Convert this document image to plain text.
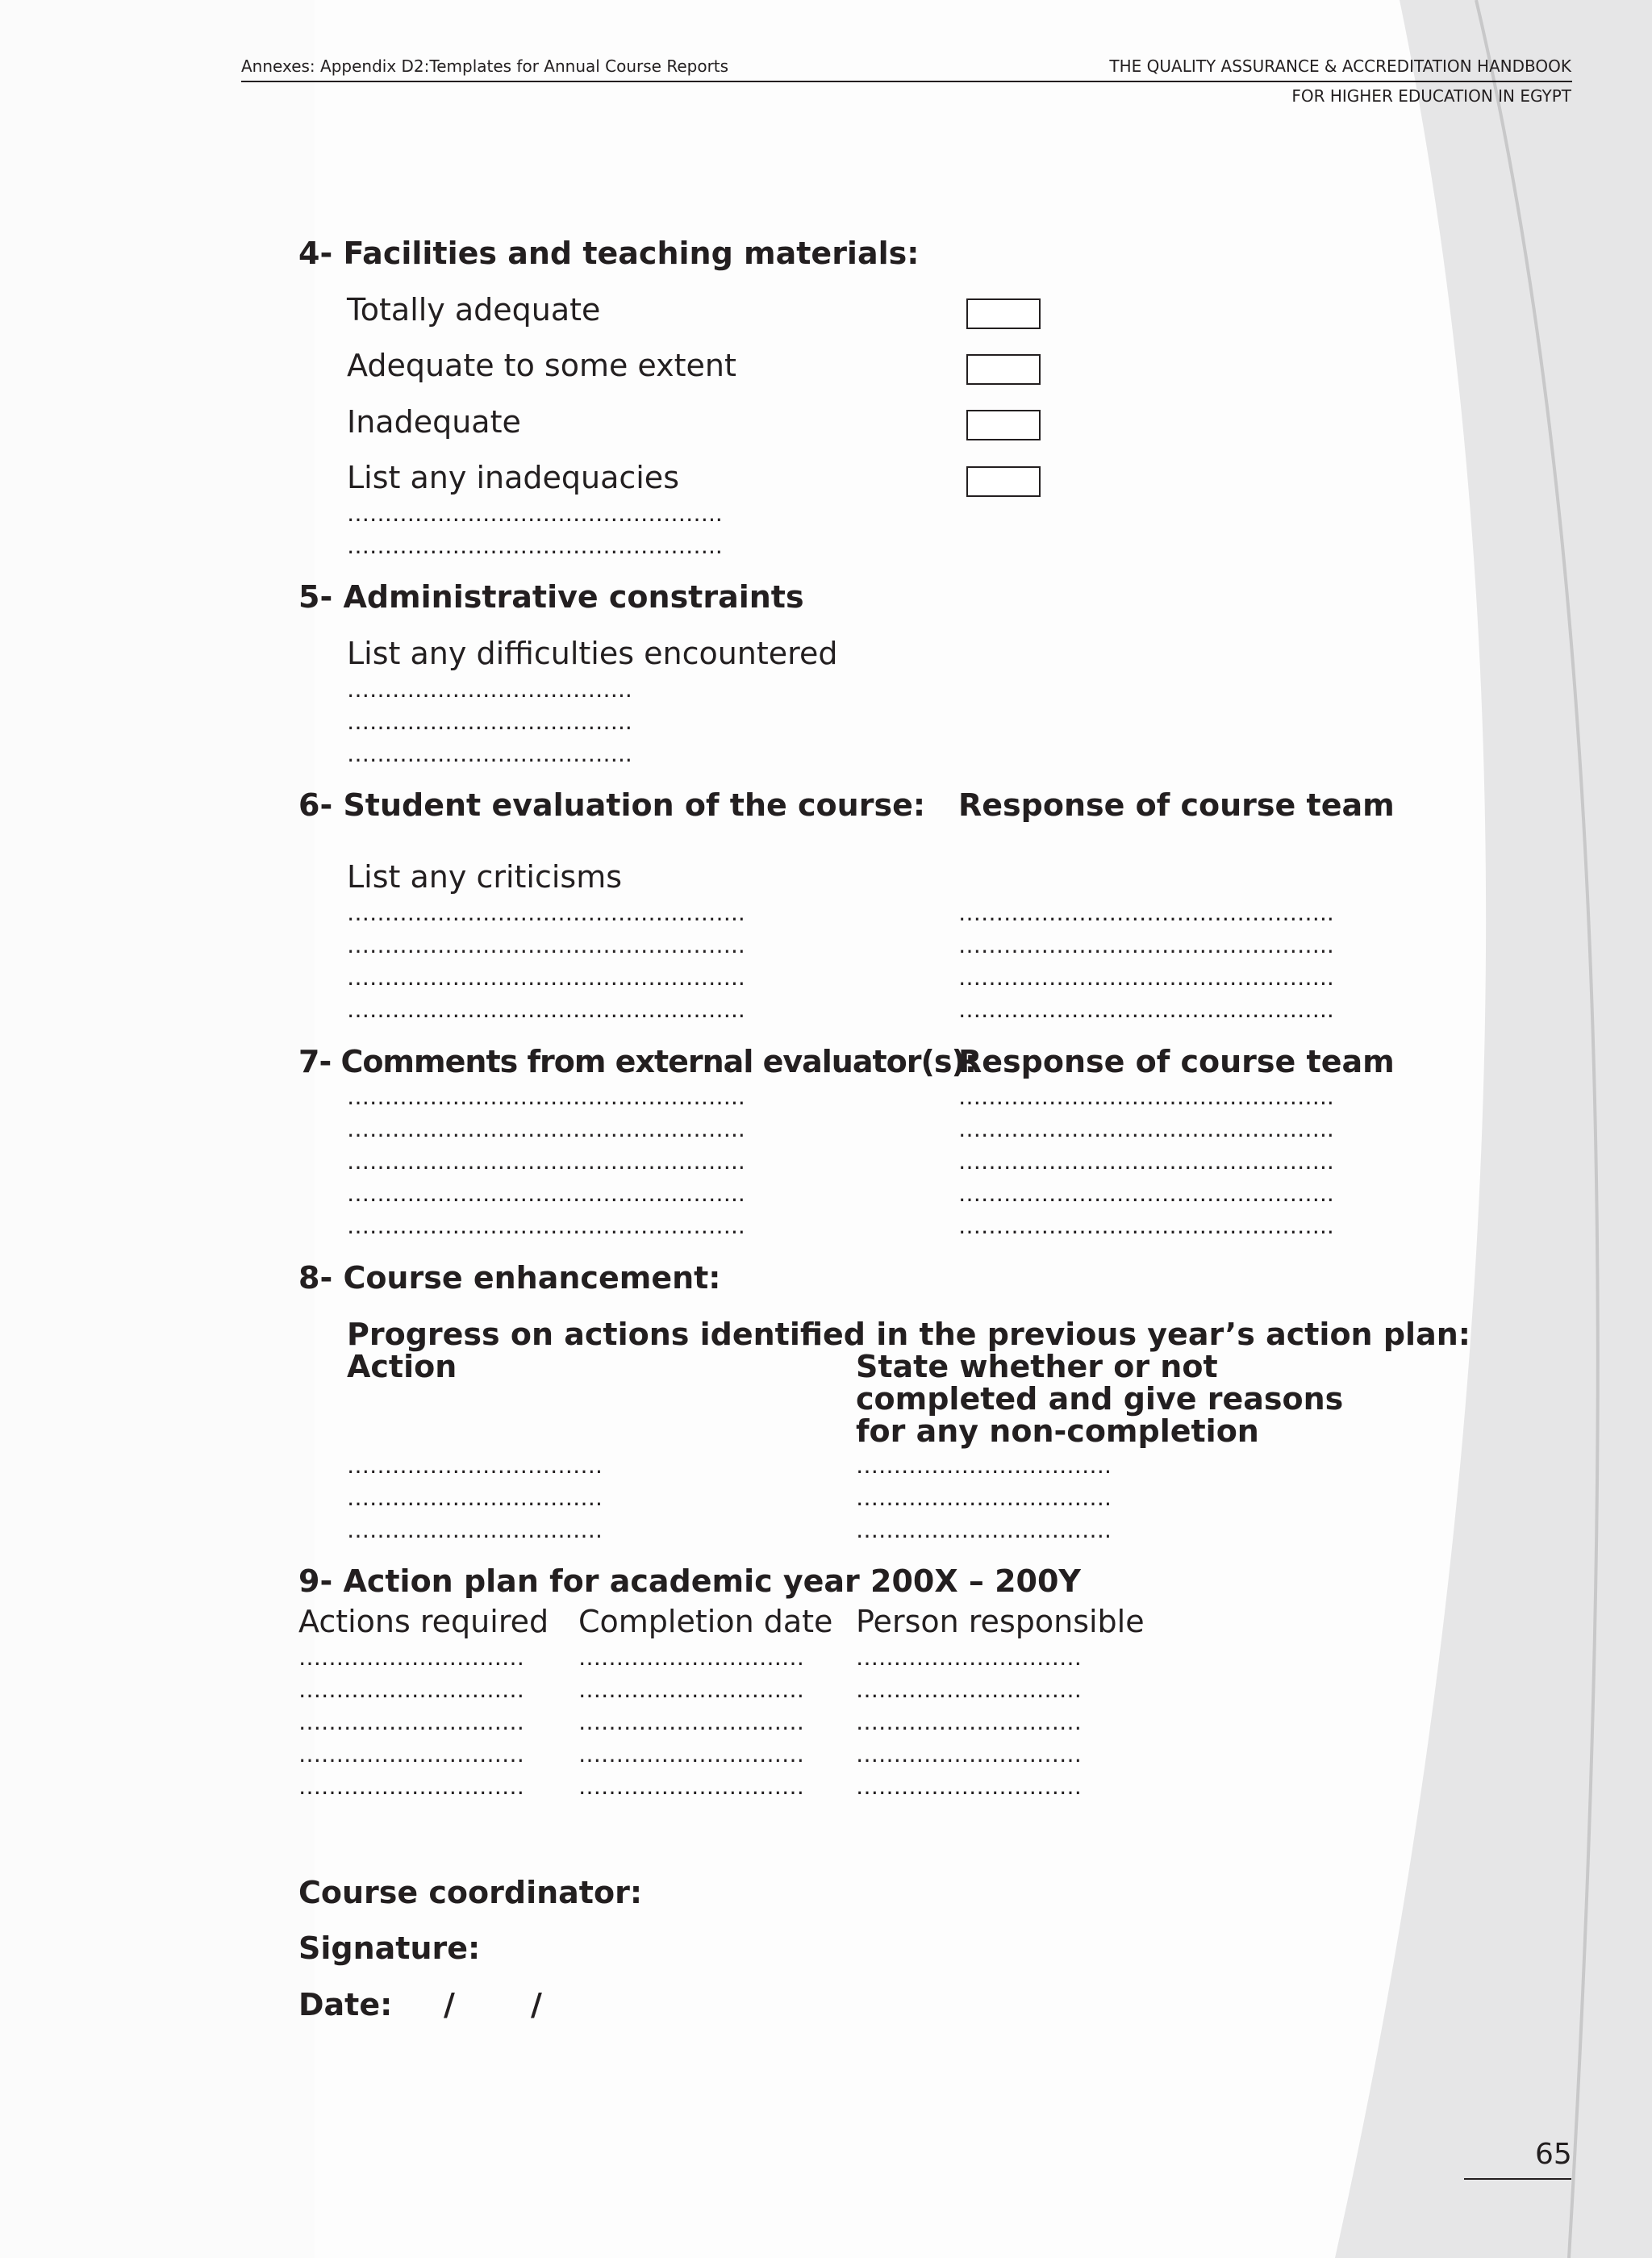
Annexes: Appendix D2:Templates for Annual Course Reports	THE QUALITY ASSURANCE & ACCREDITATION HANDBOOK
FOR HIGHER EDUCATION IN EGYPT
4- Facilities and teaching materials:
Totally adequate
Adequate to some extent
Inadequate
List any inadequacies
…………………………………………..
…………………………………………..
5- Administrative constraints
List any difficulties encountered
………………………………..
………………………………..
………………………………..
6- Student evaluation of the course: Response of course team
List any criticisms
……………………………………………..
……………………………………………..
……………………………………………..
……………………………………………..
…………………………………………..
…………………………………………..
…………………………………………..
…………………………………………..
7- Comments from external evaluator(s):
Response of course team
……………………………………………..
……………………………………………..
……………………………………………..
……………………………………………..
……………………………………………..
…………………………………………..
…………………………………………..
…………………………………………..
…………………………………………..
…………………………………………..
8- Course enhancement:
Progress on actions identified in the previous year’s action plan:
Action	State whether or not
completed and give reasons
for any non-completion
…………………………….
…………………………….
…………………………….
…………………………….
…………………………….
…………………………….
9- Action plan for academic year 200X – 200Y
Actions required Completion date Person responsible
…………………………
…………………………
…………………………
…………………………
…………………………
…………………………
…………………………
…………………………
…………………………
…………………………
…………………………
…………………………
…………………………
…………………………
…………………………
Course coordinator:
Signature:
Date: / /
65
